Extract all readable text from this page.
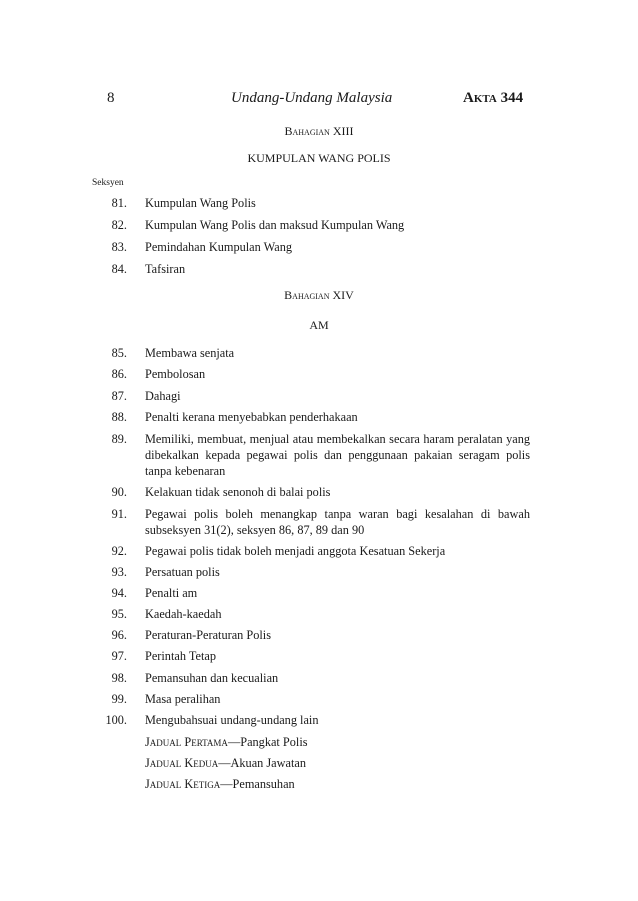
8	Undang-Undang Malaysia	Akta 344
Bahagian XIII
KUMPULAN WANG POLIS
Seksyen
81. Kumpulan Wang Polis
82. Kumpulan Wang Polis dan maksud Kumpulan Wang
83. Pemindahan Kumpulan Wang
84. Tafsiran
Bahagian XIV
AM
85. Membawa senjata
86. Pembolosan
87. Dahagi
88. Penalti kerana menyebabkan penderhakaan
89. Memiliki, membuat, menjual atau membekalkan secara haram peralatan yang dibekalkan kepada pegawai polis dan penggunaan pakaian seragam polis tanpa kebenaran
90. Kelakuan tidak senonoh di balai polis
91. Pegawai polis boleh menangkap tanpa waran bagi kesalahan di bawah subseksyen 31(2), seksyen 86, 87, 89 dan 90
92. Pegawai polis tidak boleh menjadi anggota Kesatuan Sekerja
93. Persatuan polis
94. Penalti am
95. Kaedah-kaedah
96. Peraturan-Peraturan Polis
97. Perintah Tetap
98. Pemansuhan dan kecualian
99. Masa peralihan
100. Mengubahsuai undang-undang lain
Jadual Pertama—Pangkat Polis
Jadual Kedua—Akuan Jawatan
Jadual Ketiga—Pemansuhan
